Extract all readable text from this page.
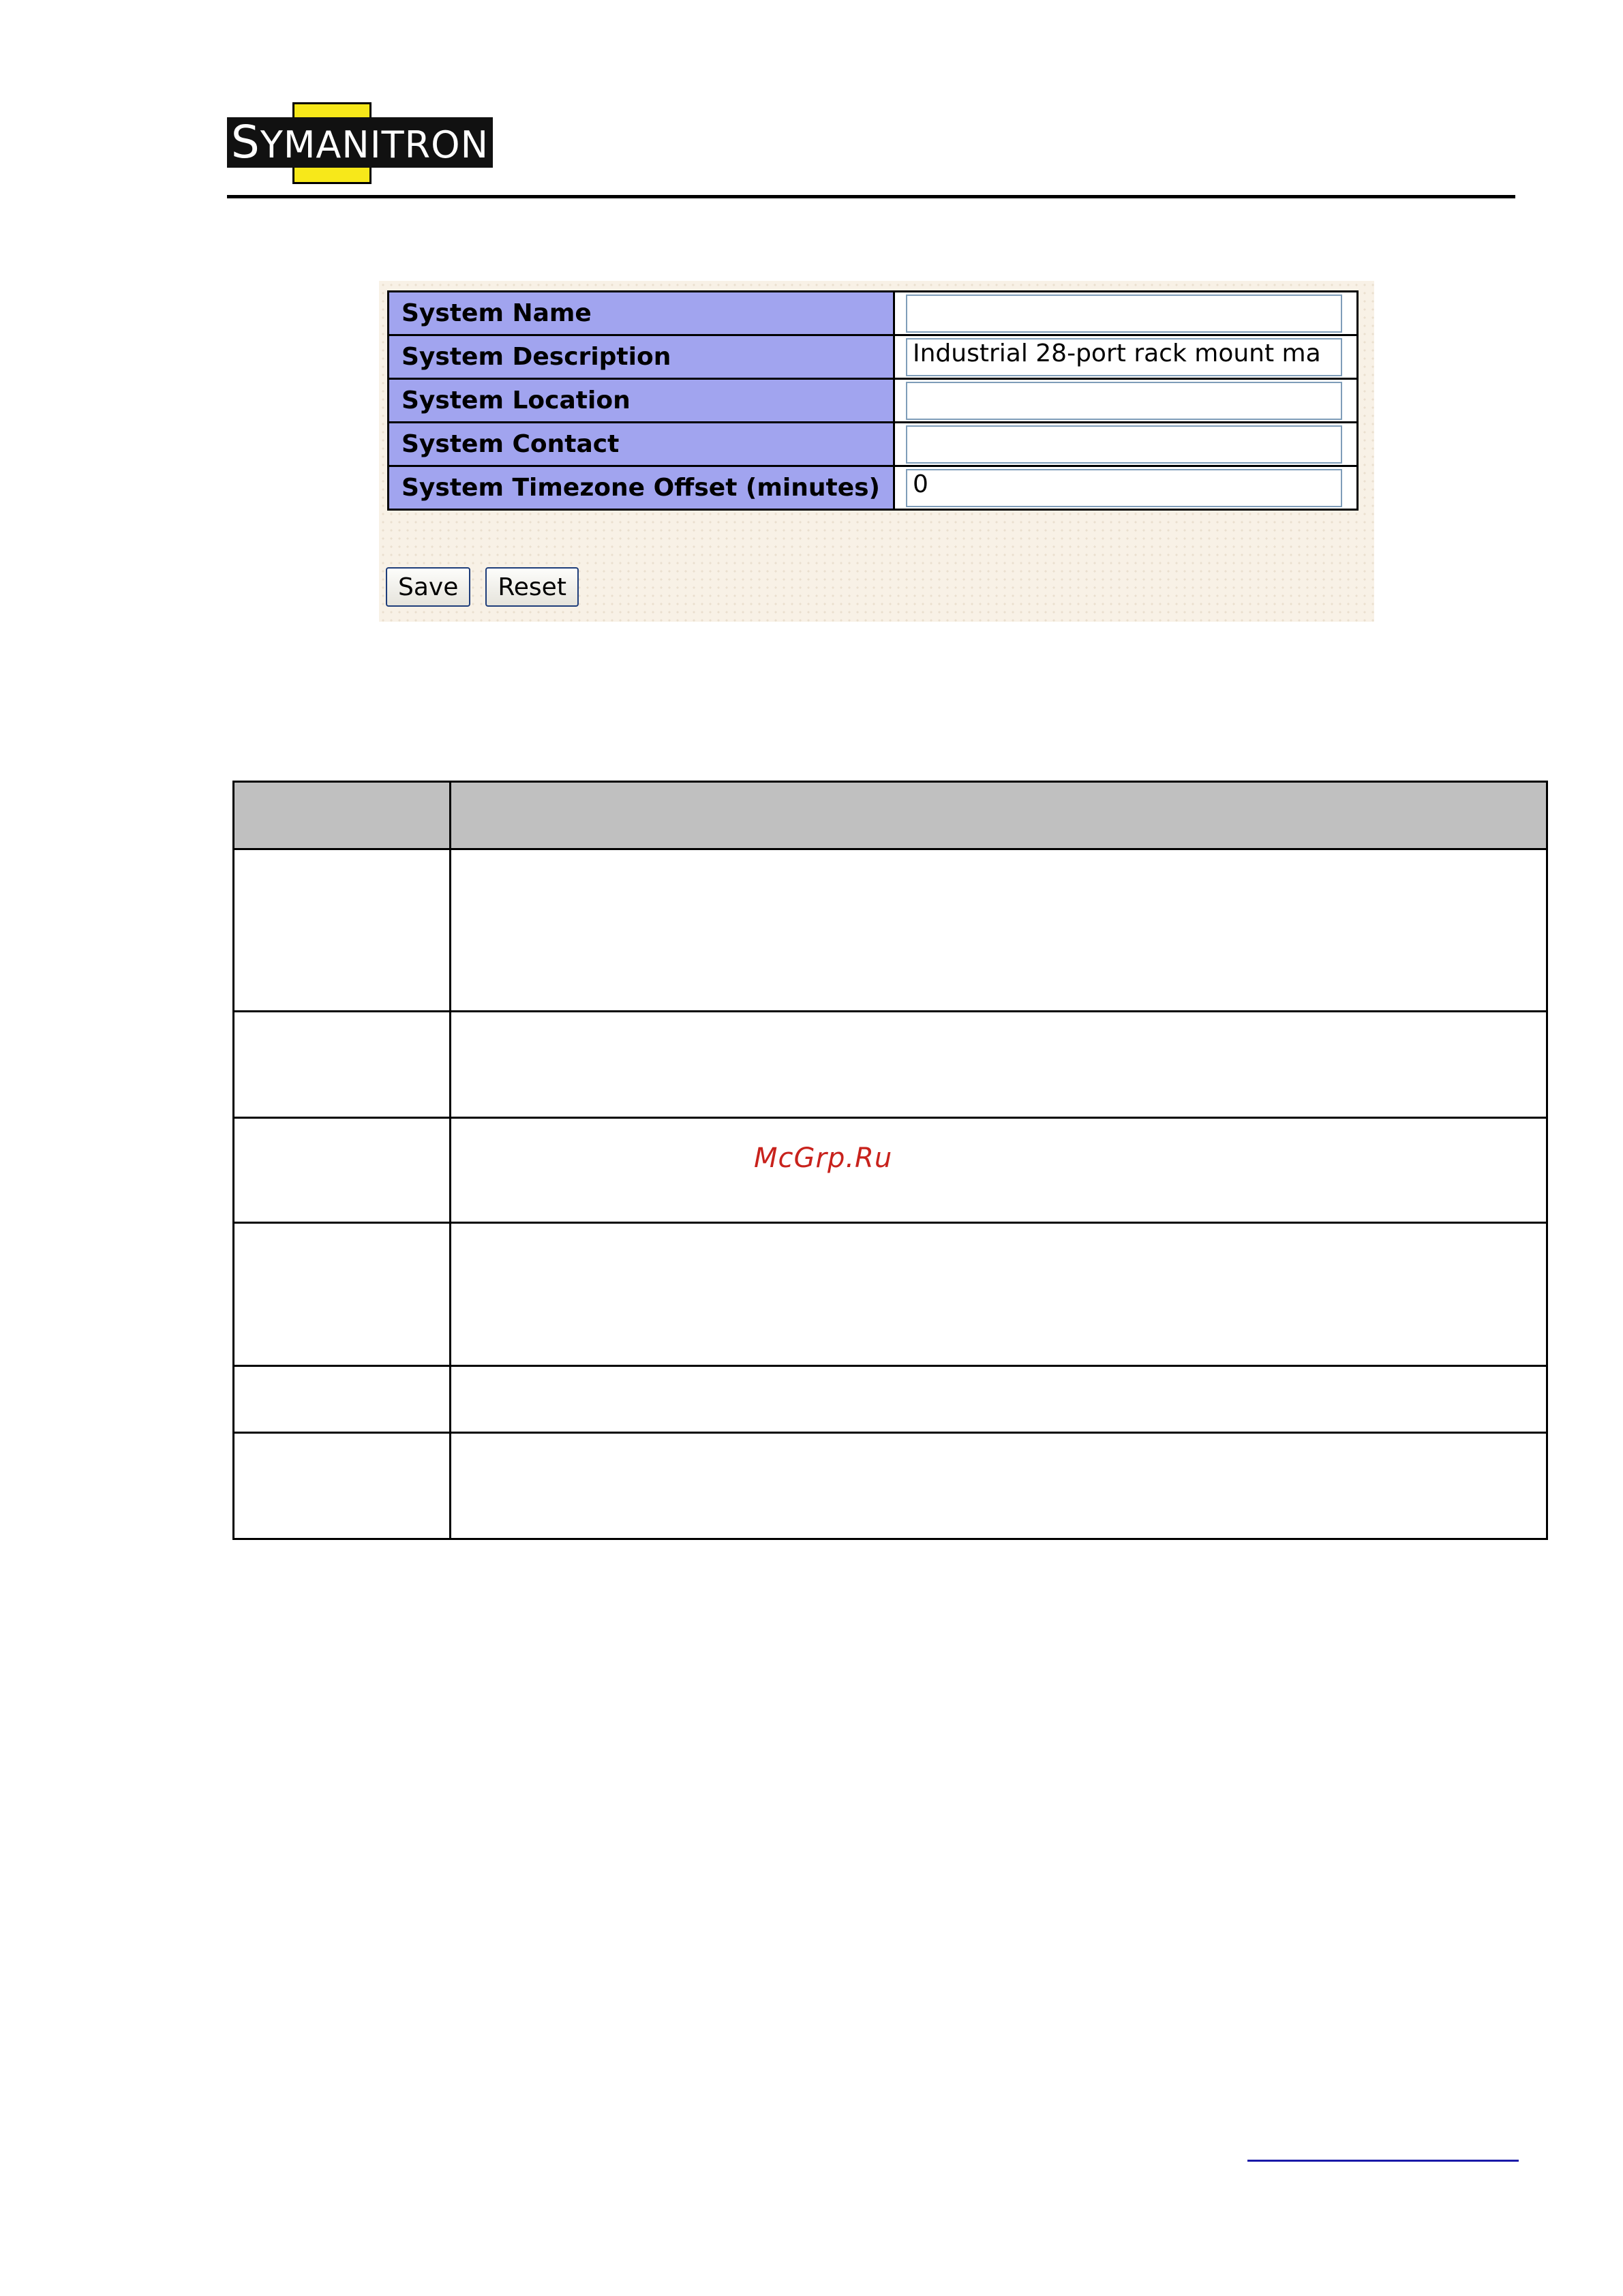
SYMANITRON
System Name	

System Description	Industrial 28-port rack mount ma

System Location	

System Contact	

System Timezone Offset (minutes)	0
Save	Reset

McGrp.Ru
